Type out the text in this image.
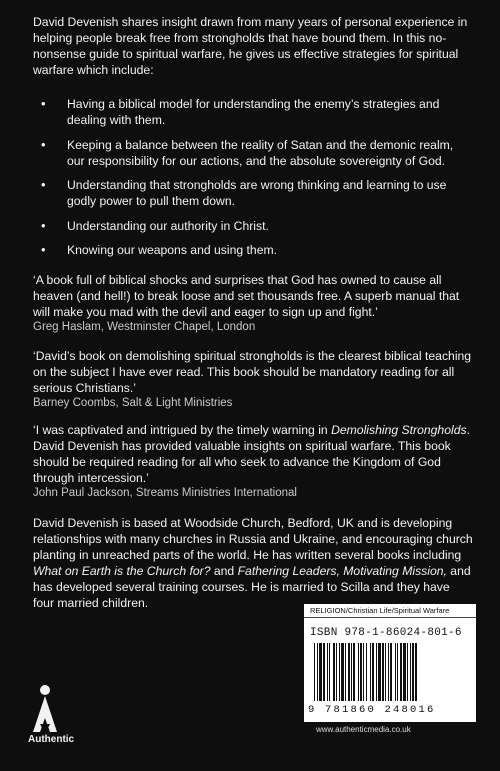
David Devenish shares insight drawn from many years of personal experience in helping people break free from strongholds that have bound them. In this no-nonsense guide to spiritual warfare, he gives us effective strategies for spiritual warfare which include:

• Having a biblical model for understanding the enemy’s strategies and dealing with them.
• Keeping a balance between the reality of Satan and the demonic realm, our responsibility for our actions, and the absolute sovereignty of God.
• Understanding that strongholds are wrong thinking and learning to use godly power to pull them down.
• Understanding our authority in Christ.
• Knowing our weapons and using them.

‘A book full of biblical shocks and surprises that God has owned to cause all heaven (and hell!) to break loose and set thousands free. A superb manual that will make you mad with the devil and eager to sign up and fight.’

Greg Haslam, Westminster Chapel, London

‘David’s book on demolishing spiritual strongholds is the clearest biblical teaching on the subject I have ever read. This book should be mandatory reading for all serious Christians.’

Barney Coombs, Salt & Light Ministries

‘I was captivated and intrigued by the timely warning in Demolishing Strongholds. David Devenish has provided valuable insights on spiritual warfare. This book should be required reading for all who seek to advance the Kingdom of God through intercession.’

John Paul Jackson, Streams Ministries International

David Devenish is based at Woodside Church, Bedford, UK and is developing relationships with many churches in Russia and Ukraine, and encouraging church planting in unreached parts of the world. He has written several books including What on Earth is the Church for? and Fathering Leaders, Motivating Mission, and has developed several training courses. He is married to Scilla and they have four married children.

Authentic
RELIGION/Christian Life/Spiritual Warfare
ISBN 978-1-86024-801-6
9 781860 248016
www.authenticmedia.co.uk
